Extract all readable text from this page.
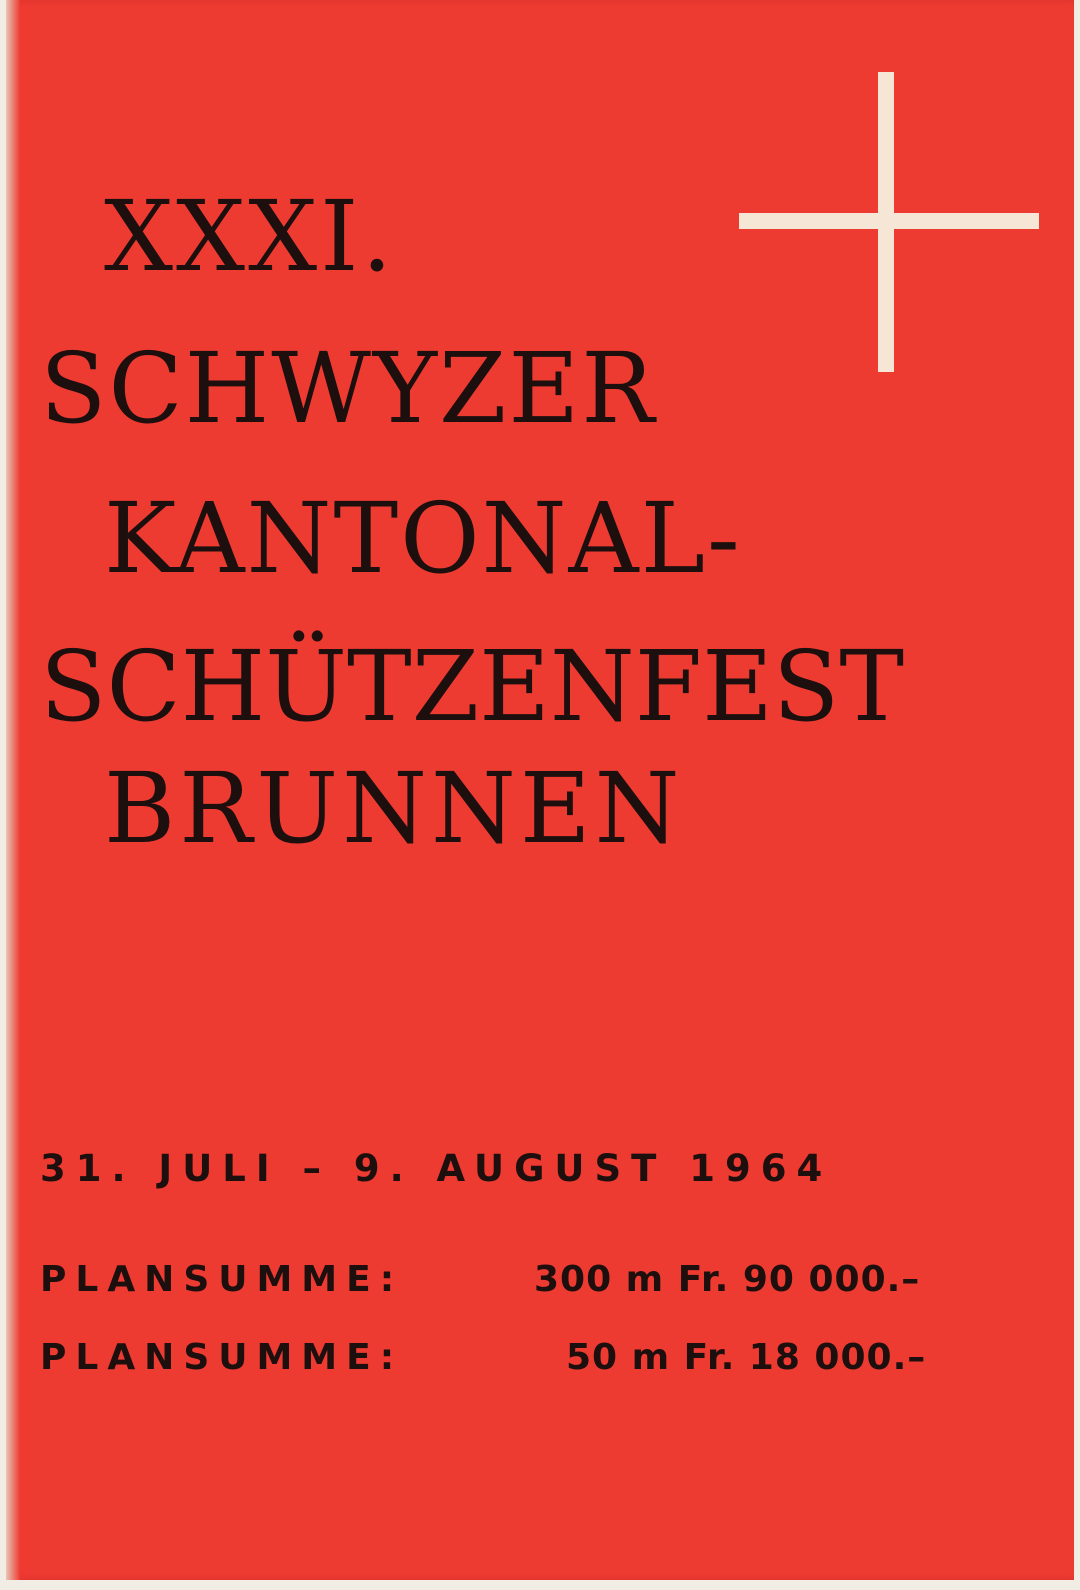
XXXI.
SCHWYZER
KANTONAL-
SCHÜTZENFEST
BRUNNEN

31. JULI – 9. AUGUST 1964

PLANSUMME:	300 m Fr. 90 000.–
PLANSUMME:	50 m Fr. 18 000.–
